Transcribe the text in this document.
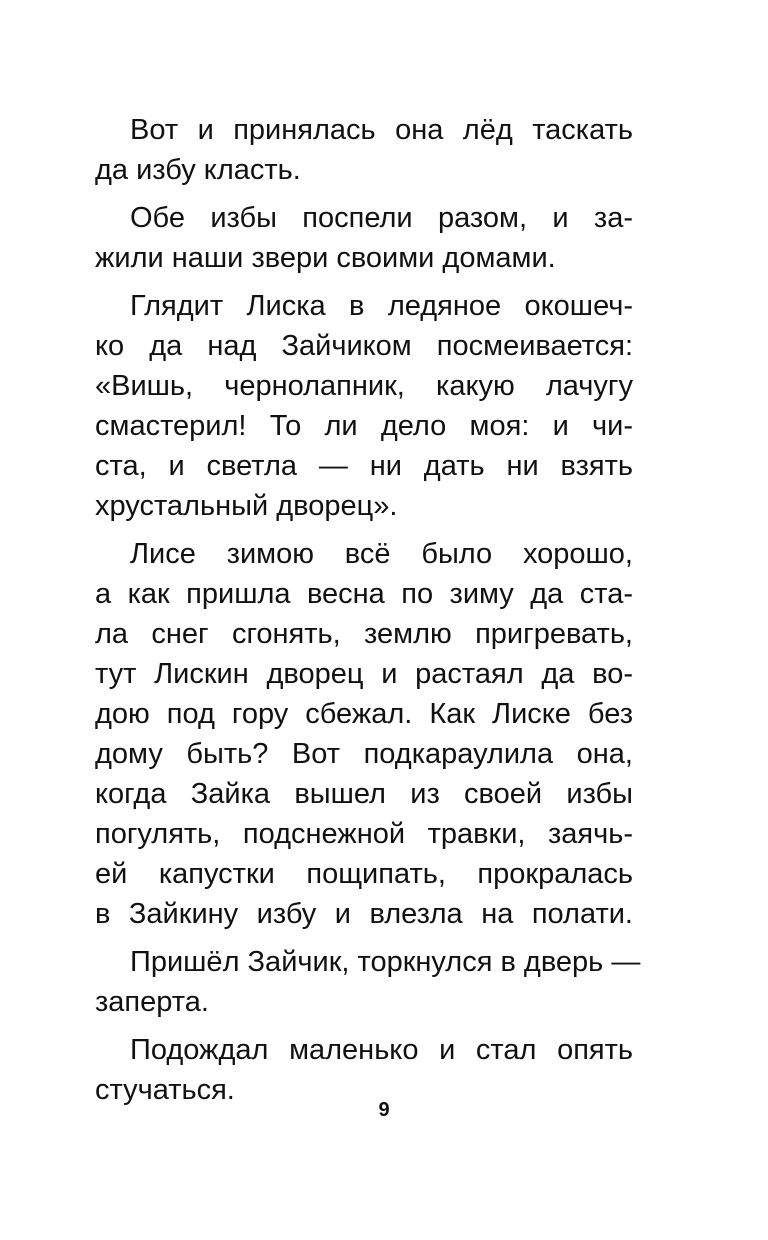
Вот и принялась она лёд таскать
да избу класть.

Обе избы поспели разом, и за-
жили наши звери своими домами.

Глядит Лиска в ледяное окошеч-
ко да над Зайчиком посмеивается:
«Вишь, чернолапник, какую лачугу
смастерил! То ли дело моя: и чи-
ста, и светла — ни дать ни взять
хрустальный дворец».

Лисе зимою всё было хорошо,
а как пришла весна по зиму да ста-
ла снег сгонять, землю пригревать,
тут Лискин дворец и растаял да во-
дою под гору сбежал. Как Лиске без
дому быть? Вот подкараулила она,
когда Зайка вышел из своей избы
погулять, подснежной травки, заячь-
ей капустки пощипать, прокралась
в Зайкину избу и влезла на полати.

Пришёл Зайчик, торкнулся в дверь —
заперта.

Подождал маленько и стал опять
стучаться.

9
